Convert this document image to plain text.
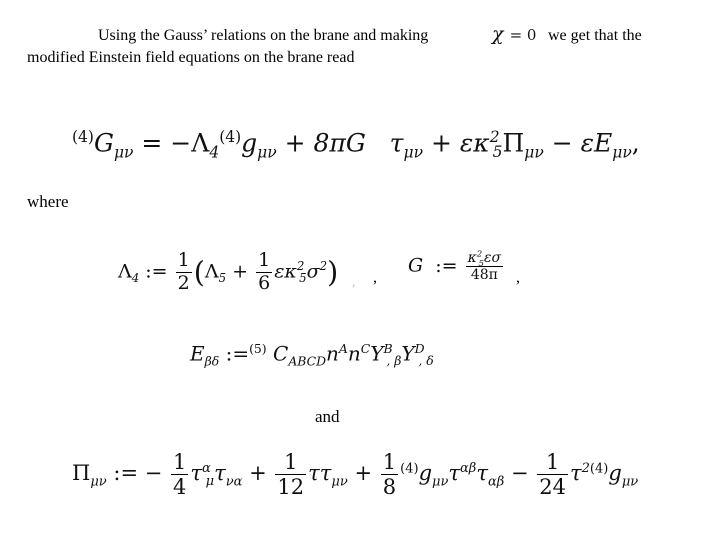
Using the Gauss’ relations on the brane and making	χ = 0 we get that the
modified Einstein field equations on the brane read
$^{(4)}G_{\mu\nu} = -\Lambda_4^{(4)}g_{\mu\nu} + 8\pi G$ $\tau_{\mu\nu} + \varepsilon\kappa^2_5\Pi_{\mu\nu} - \varepsilon E_{\mu\nu}$,
where
$\Lambda_4$ := $\frac{1}{2} (\Lambda_5 + \frac{1}{6} \varepsilon\kappa^2_5\sigma^2)$ , ,
G := $\frac{\kappa^2_5\varepsilon\sigma}{48\pi}$ ,
$E_{\beta\delta}$ :=$^{(5)}$ $C_{ABCD}n^An^CY^B_{, \beta}Y^D_{, \delta}$
and
$\Pi_{\mu\nu}$ := − $\frac{1}{4} \tau^\alpha_\mu\tau_{\nu\alpha} + \frac{1}{12} \tau\tau_{\mu\nu} + \frac{1}{8} ^{(4)}g_{\mu\nu}\tau^{\alpha\beta}\tau_{\alpha\beta} - \frac{1}{24} \tau^{2(4)}g_{\mu\nu}$
